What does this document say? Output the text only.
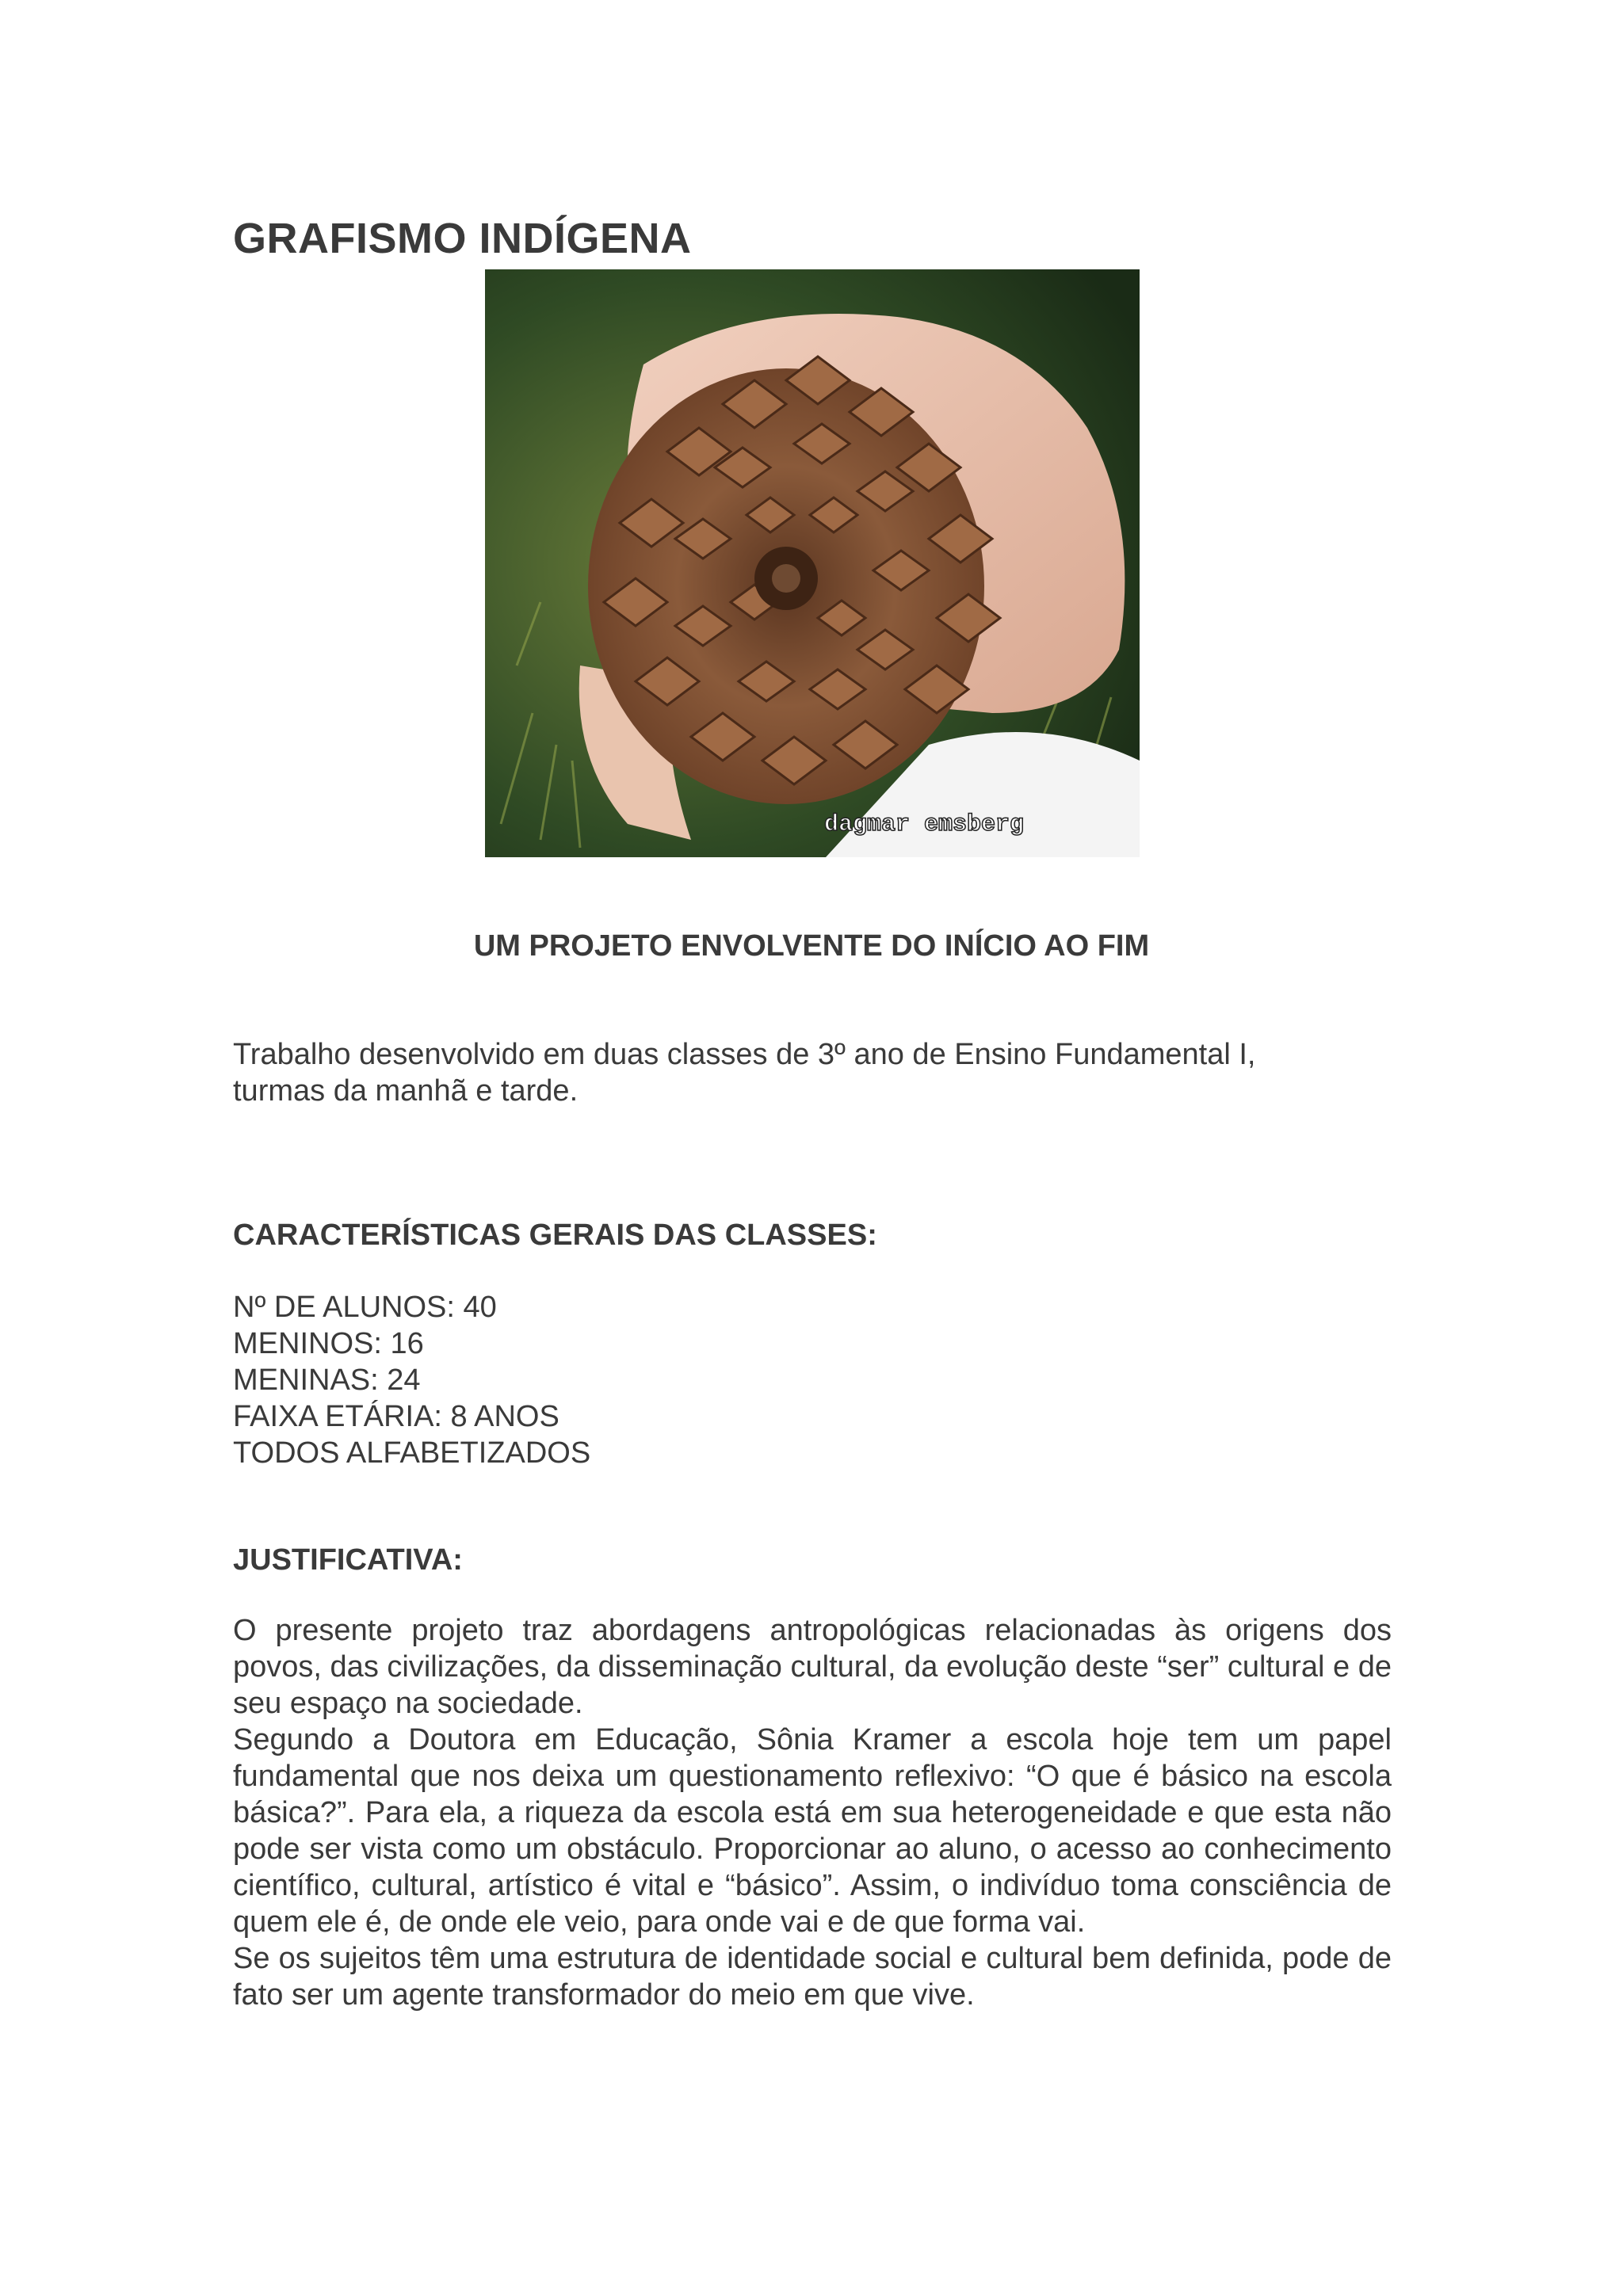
GRAFISMO INDÍGENA
dagmar emsberg
UM PROJETO ENVOLVENTE DO INÍCIO AO FIM
Trabalho desenvolvido em duas classes de 3º ano de Ensino Fundamental I,
turmas da manhã e tarde.
CARACTERÍSTICAS GERAIS DAS CLASSES:
Nº DE ALUNOS: 40
MENINOS: 16
MENINAS: 24
FAIXA ETÁRIA: 8 ANOS
TODOS ALFABETIZADOS
JUSTIFICATIVA:

O presente projeto traz abordagens antropológicas relacionadas às origens dos povos, das civilizações, da disseminação cultural, da evolução deste “ser” cultural e de seu espaço na sociedade.

Segundo a Doutora em Educação, Sônia Kramer a escola hoje tem um papel fundamental que nos deixa um questionamento reflexivo: “O que é básico na escola básica?”. Para ela, a riqueza da escola está em sua heterogeneidade e que esta não pode ser vista como um obstáculo. Proporcionar ao aluno, o acesso ao conhecimento científico, cultural, artístico é vital e “básico”. Assim, o indivíduo toma consciência de quem ele é, de onde ele veio, para onde vai e de que forma vai.

Se os sujeitos têm uma estrutura de identidade social e cultural bem definida, pode de fato ser um agente transformador do meio em que vive.
